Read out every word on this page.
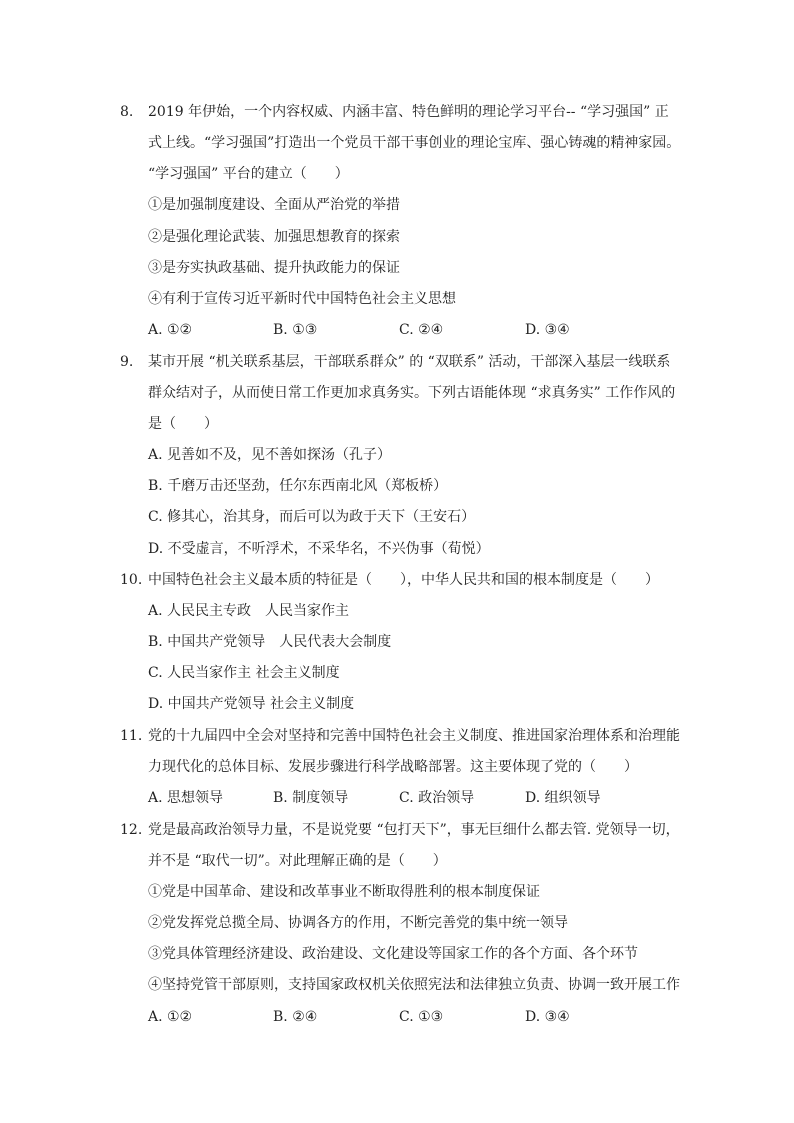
8. 2019 年伊始，一个内容权威、内涵丰富、特色鲜明的理论学习平台-- “学习强国” 正
式上线。“学习强国”打造出一个党员干部干事创业的理论宝库、强心铸魂的精神家园。
“学习强国” 平台的建立（　　）
①是加强制度建设、全面从严治党的举措
②是强化理论武装、加强思想教育的探索
③是夯实执政基础、提升执政能力的保证
④有利于宣传习近平新时代中国特色社会主义思想
A. ①②	B. ①③	C. ②④	D. ③④
9. 某市开展 “机关联系基层，干部联系群众” 的 “双联系” 活动，干部深入基层一线联系
群众结对子，从而使日常工作更加求真务实。下列古语能体现 “求真务实” 工作作风的
是（　　）
A. 见善如不及，见不善如探汤（孔子）
B. 千磨万击还坚劲，任尔东西南北风（郑板桥）
C. 修其心，治其身，而后可以为政于天下（王安石）
D. 不受虚言，不听浮术，不采华名，不兴伪事（荀悦）
10. 中国特色社会主义最本质的特征是（　　），中华人民共和国的根本制度是（　　）
A. 人民民主专政　人民当家作主
B. 中国共产党领导　人民代表大会制度
C. 人民当家作主 社会主义制度
D. 中国共产党领导 社会主义制度
11. 党的十九届四中全会对坚持和完善中国特色社会主义制度、推进国家治理体系和治理能
力现代化的总体目标、发展步骤进行科学战略部署。这主要体现了党的（　　）
A. 思想领导	B. 制度领导	C. 政治领导	D. 组织领导
12. 党是最高政治领导力量，不是说党要 “包打天下”，事无巨细什么都去管. 党领导一切，
并不是 “取代一切”。对此理解正确的是（　　）
①党是中国革命、建设和改革事业不断取得胜利的根本制度保证
②党发挥党总揽全局、协调各方的作用，不断完善党的集中统一领导
③党具体管理经济建设、政治建设、文化建设等国家工作的各个方面、各个环节
④坚持党管干部原则，支持国家政权机关依照宪法和法律独立负责、协调一致开展工作
A. ①②	B. ②④	C. ①③	D. ③④
